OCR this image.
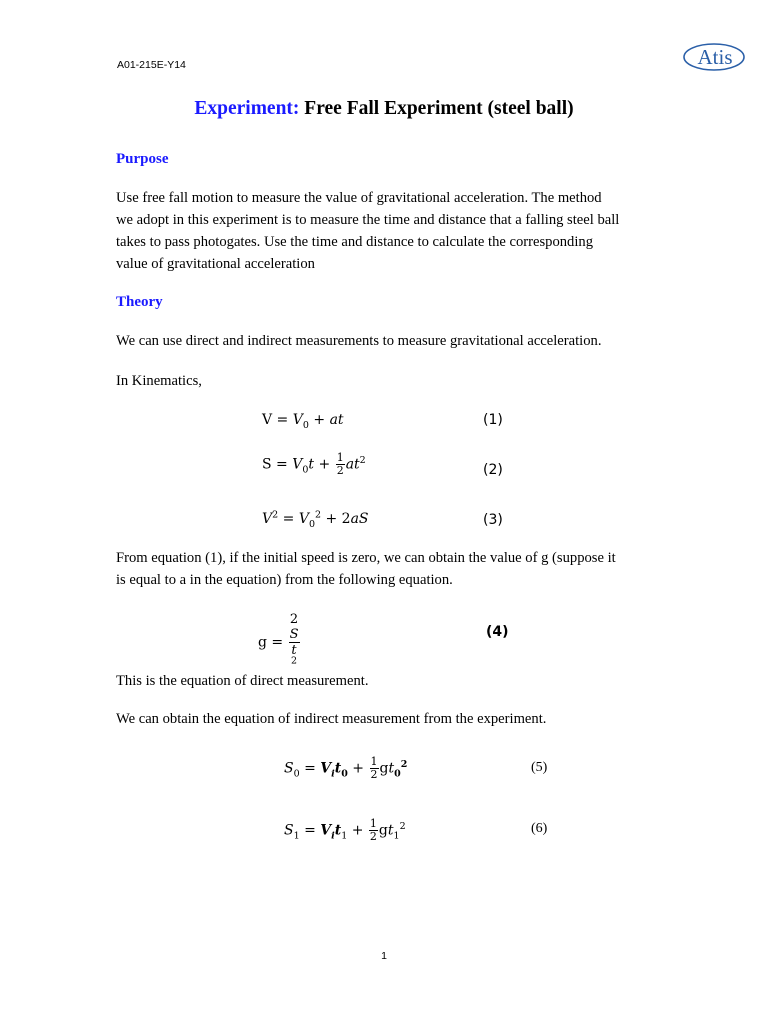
A01-215E-Y14	Atis
Experiment: Free Fall Experiment (steel ball)
Purpose
Use free fall motion to measure the value of gravitational acceleration. The method
we adopt in this experiment is to measure the time and distance that a falling steel ball
takes to pass photogates. Use the time and distance to calculate the corresponding
value of gravitational acceleration
Theory
We can use direct and indirect measurements to measure gravitational acceleration.
In Kinematics,
$V = V_0$ + at	(1)
$S = V_0t + \frac{1}{2} at^2$
(2)
$V^2 = V_0^2 + 2aS$	(3)
From equation (1), if the initial speed is zero, we can obtain the value of g (suppose it
is equal to a in the equation) from the following equation.
g = 2
S
t
$^2$	(4)
This is the equation of direct measurement.
We can obtain the equation of indirect measurement from the experiment.
$S_0 = V_it_0 + \frac{1}{2} gt_0^2$	(5)
$S_1 = V_it_1 + \frac{1}{2} gt_1^2$	(6)
1
